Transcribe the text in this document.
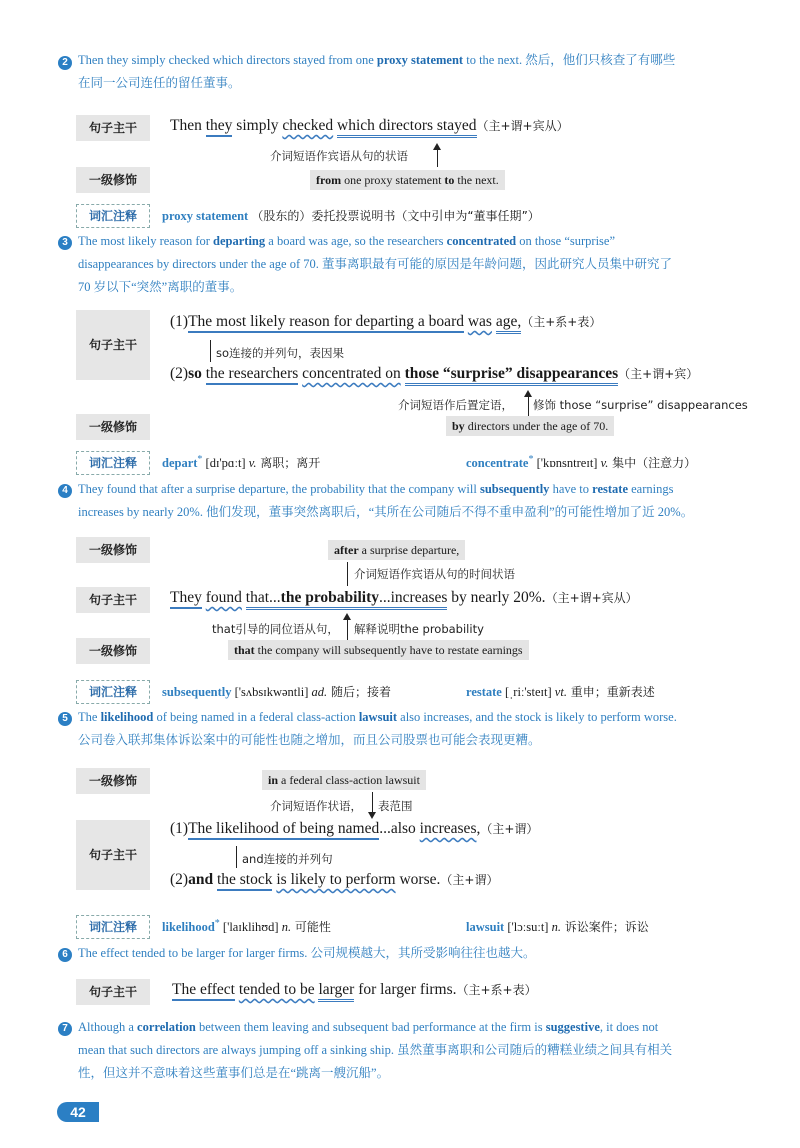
2 Then they simply checked which directors stayed from one proxy statement to the next. 然后，他们只核查了有哪些
在同一公司连任的留任董事。
句子主干	Then they simply checked which directors stayed（主+谓+宾从）
介词短语作宾语从句的状语
一级修饰	from one proxy statement to the next.
词汇注释	proxy statement （股东的）委托投票说明书（文中引申为“董事任期”）
3 The most likely reason for departing a board was age, so the researchers concentrated on those “surprise”
disappearances by directors under the age of 70. 董事离职最有可能的原因是年龄问题，因此研究人员集中研究了
70 岁以下“突然”离职的董事。
句子主干
(1)The most likely reason for departing a board was age,（主+系+表）
so连接的并列句，表因果
(2)so the researchers concentrated on those “surprise” disappearances（主+谓+宾）
介词短语作后置定语， 修饰 those “surprise” disappearances
一级修饰	by directors under the age of 70.
词汇注释	depart* [dɪ'pɑːt] v. 离职；离开	concentrate* ['kɒnsntreɪt] v. 集中（注意力）
4 They found that after a surprise departure, the probability that the company will subsequently have to restate earnings
increases by nearly 20%. 他们发现，董事突然离职后，“其所在公司随后不得不重申盈利”的可能性增加了近 20%。
一级修饰	after a surprise departure,
介词短语作宾语从句的时间状语
句子主干	They found that...the probability...increases by nearly 20%.（主+谓+宾从）
that引导的同位语从句， 解释说明the probability
一级修饰	that the company will subsequently have to restate earnings
词汇注释	subsequently ['sʌbsɪkwəntli] ad. 随后；接着	restate [ˌriː'steɪt] vt. 重申；重新表述
5 The likelihood of being named in a federal class-action lawsuit also increases, and the stock is likely to perform worse.
公司卷入联邦集体诉讼案中的可能性也随之增加，而且公司股票也可能会表现更糟。
一级修饰	in a federal class-action lawsuit
介词短语作状语， 表范围
句子主干
(1)The likelihood of being named...also increases,（主+谓）
and连接的并列句
(2)and the stock is likely to perform worse.（主+谓）
词汇注释	likelihood* ['laɪklihʊd] n. 可能性	lawsuit ['lɔːsuːt] n. 诉讼案件；诉讼
6 The effect tended to be larger for larger firms. 公司规模越大，其所受影响往往也越大。
句子主干	The effect tended to be larger for larger firms.（主+系+表）
7 Although a correlation between them leaving and subsequent bad performance at the firm is suggestive, it does not
mean that such directors are always jumping off a sinking ship. 虽然董事离职和公司随后的糟糕业绩之间具有相关
性，但这并不意味着这些董事们总是在“跳离一艘沉船”。
42
